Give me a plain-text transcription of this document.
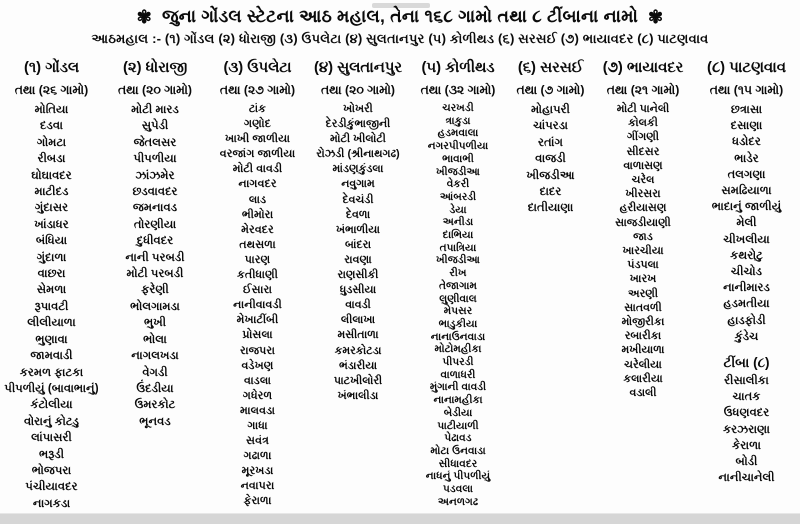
✾ જુના ગોંડલ સ્ટેટના આઠ મહાલ, તેના ૧૬૮ ગામો તથા ૮ ટીંબાના નામો ✾
આઠમહાલ :- (૧) ગોંડલ (૨) ધોરાજી (૩) ઉપલેટા (૪) સુલતાનપુર (૫) કોળીથડ (૬) સરસઈ (૭) ભાયાવદર (૮) પાટણવાવ
(૧) ગોંડલ
તથા (૨૬ ગામો)
મોતિયા
દડવા
ગોમટા
રીબડા
ઘોઘાવદર
માટીદડ
ગુંદાસર
ખાંડાધર
બંધિયા
ગુંદાળા
વાછરા
સેમળા
રૂપાવટી
લીલીયાળા
ભુણાવા
જામવાડી
કરમળ ફાટકા
પીપળીયું (બાવાભાનું)
કંટોલીયા
વોરાનું કોટડુ
લાંપાસરી
ભરૂડી
ભોજપરા
પંચીયાવદર
નાગકડા
(૨) ધોરાજી
તથા (૨૦ ગામો)
મોટી મારડ
સુપેડી
જેતલસર
પીપળીયા
ઝાંઝમેર
છડવાવદર
જમનાવડ
તોરણીયા
દુધીવદર
નાની પરબડી
મોટી પરબડી
ફરેણી
ભોલગામડા
ભુખી
ભોલા
નાગલખડા
વેગડી
ઉંદડીયા
ઉમરકોટ
ભૂનવડ
(૩) ઉપલેટા
તથા (૨૭ ગામો)
ટાંક
ગણોદ
ખાખી જાળીયા
વરજાંગ જાળીયા
મોટી વાવડી
નાગવદર
લાડ
ભીમોરા
મેરવદર
તથસળા
પારણ
કતીધાણી
ઈસારા
નાનીવાવડી
મેખાટીંબી
પ્રોસલા
રાજપરા
વડેખણ
વાડલા
ગધેરળ
માલવડા
ગાધા
સવંત્ર
ગઢાળા
મૂરખડા
નવાપરા
ફેરાળા
(૪) સુલતાનપુર
તથા (૨૦ ગામો)
ખોખરી
દેરડીકુંભાજીની
મોટી ખીલોટી
રોઝડી (શ્રીનાથગઢ)
માંડણકુંડલા
નવુગામ
દેવચંડી
દેવળા
ખંભાળીયા
બાંદરા
રાવણા
રાણસીકી
ધુડસીયા
વાવડી
લીલાખા
મસીતાળા
કમરકોટડા
ભંડારીયા
પાટખીલોરી
ખંભાલીડા
(૫) કોળીથડ
તથા (૩૨ ગામો)
ચરખડી
ત્રાકુડા
હડમવાલા
નગરપીપળીયા
ભાવાભી
ખીજડીઆ
વેકરી
આંબરડી
ડેયા
અનીડા
દાભિયા
તપાત્રિયા
ખીજડીઆ
રીખ
તેજાગામ
લુણીવાલ
મેપસર
ભાડુકીયા
નાનાઉનવાડા
મોટોમહીકા
પીપરડી
વાળાધરી
મુંગાની વાવડી
નાનામહીકા
બેડીયા
પાટીયાળી
પેઢાવડ
મોટા ઉનવાડા
સીધાવદર
નાધનું પીપળીયું
પડવલા
અનળગઢ
(૬) સરસઈ
તથા (૭ ગામો)
મોહાપરી
ચાંપરડા
રતાંગ
વાજડી
ખીજડીઆ
દાદર
દાતીયાણા
(૭) ભાયાવદર
તથા (૨૧ ગામો)
મોટી પાનેલી
કોલકી
ગીંગણી
સીદસર
વાળાસણ
ચરેલ
ખીરસરા
હરીયાસણ
સાજડીયાણી
જાડ
ખારચીયા
પંડપલા
ખારખ
અરણી
સાતવળી
મોજીરીકા
રબારીકા
મખીયાળા
ચરેલીયા
કલારીયા
વડાલી
(૮) પાટણવાવ
તથા (૧૫ ગામો)
છત્રાસા
દસાણા
ધડોદર
ભાડેર
તલગણા
સમઢિયાળા
ભાદાનું જાળીયું
મેલી
ચીખલીયા
કથરોટુ
ચીચોડ
નાનીમારડ
હડમતીયા
હાડફોડી
કુંડેચ
ટીંબા (૮)
રીસાલીકા
ચાતક
ઉધણવદર
કરઝરાણા
કેરાળા
બોડી
નાનીચાનેલી
